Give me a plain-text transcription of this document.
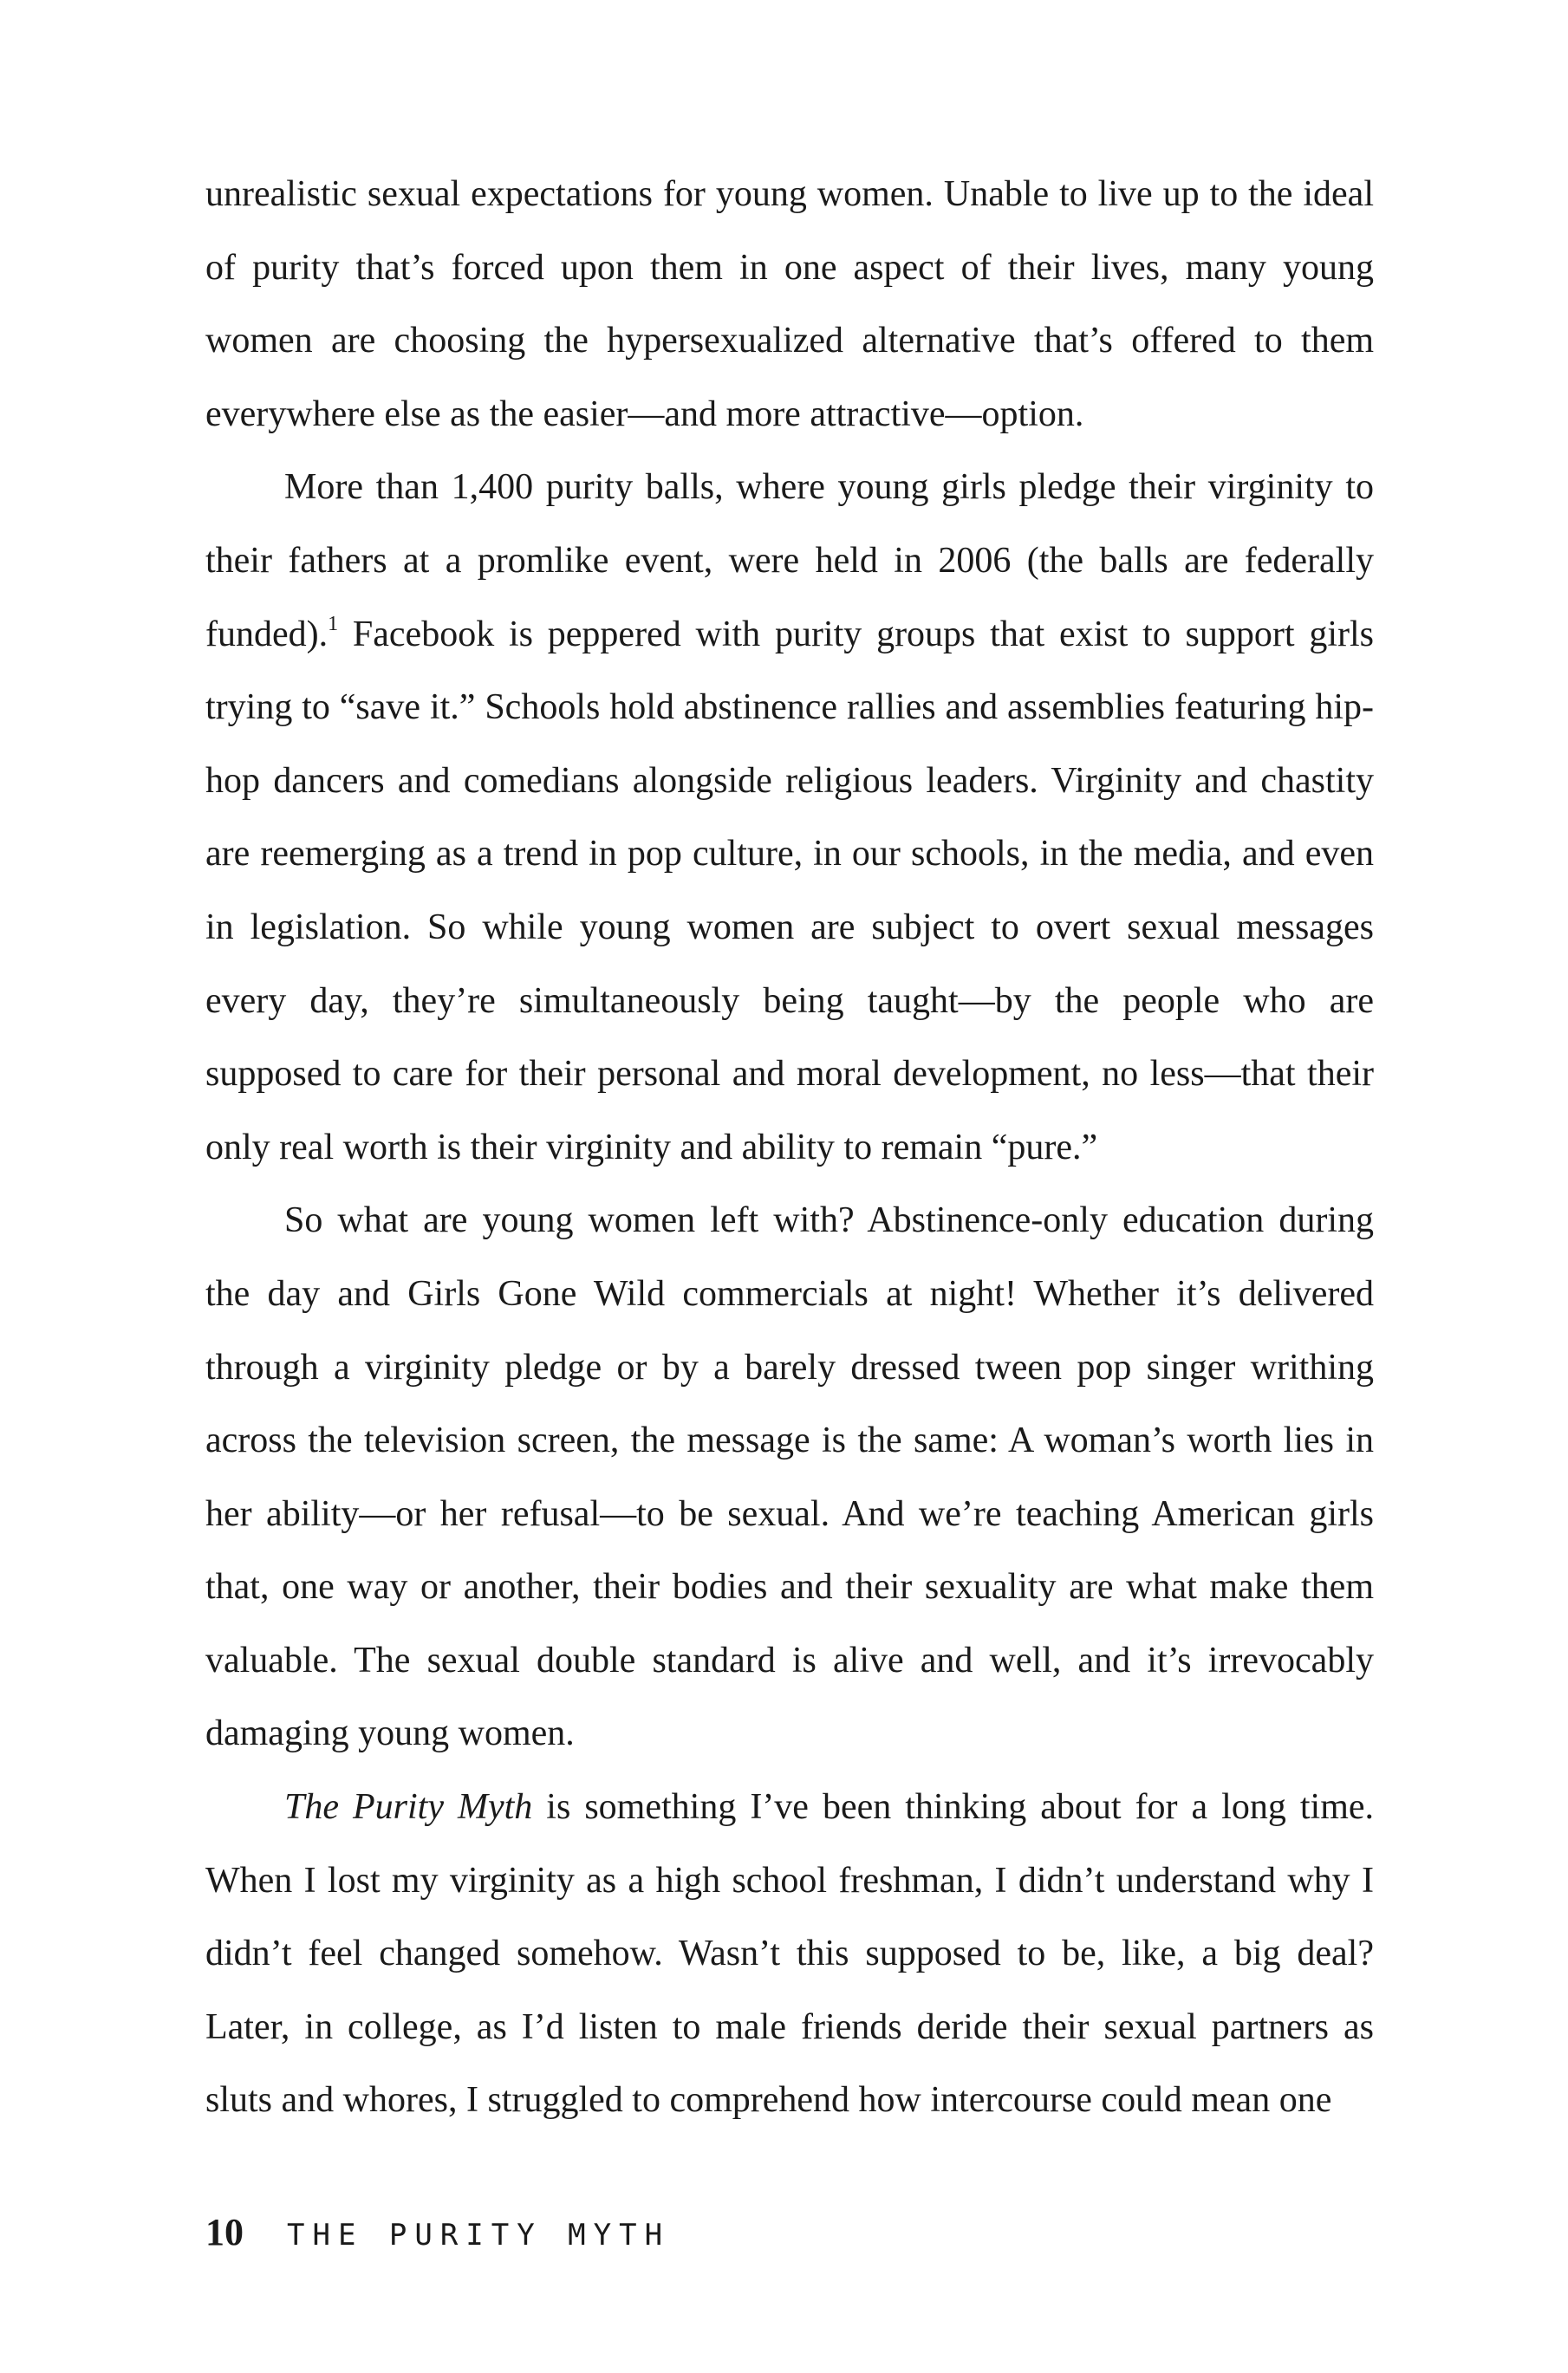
unrealistic sexual expectations for young women. Unable to live up to the ideal of purity that’s forced upon them in one aspect of their lives, many young women are choosing the hypersexualized alternative that’s offered to them everywhere else as the easier—and more attractive—option.

More than 1,400 purity balls, where young girls pledge their virginity to their fathers at a promlike event, were held in 2006 (the balls are federally funded).$^1$ Facebook is peppered with purity groups that exist to support girls trying to “save it.” Schools hold abstinence rallies and assemblies featuring hip-hop dancers and comedians alongside religious leaders. Virginity and chastity are reemerging as a trend in pop culture, in our schools, in the media, and even in legislation. So while young women are subject to overt sexual messages every day, they’re simultaneously being taught—by the people who are supposed to care for their personal and moral development, no less—that their only real worth is their virginity and ability to remain “pure.”

So what are young women left with? Abstinence-only education during the day and Girls Gone Wild commercials at night! Whether it’s delivered through a virginity pledge or by a barely dressed tween pop singer writhing across the television screen, the message is the same: A woman’s worth lies in her ability—or her refusal—to be sexual. And we’re teaching American girls that, one way or another, their bodies and their sexuality are what make them valuable. The sexual double standard is alive and well, and it’s irrevocably damaging young women.

The Purity Myth is something I’ve been thinking about for a long time. When I lost my virginity as a high school freshman, I didn’t understand why I didn’t feel changed somehow. Wasn’t this supposed to be, like, a big deal? Later, in college, as I’d listen to male friends deride their sexual partners as sluts and whores, I struggled to comprehend how intercourse could mean one

10 THE PURITY MYTH
